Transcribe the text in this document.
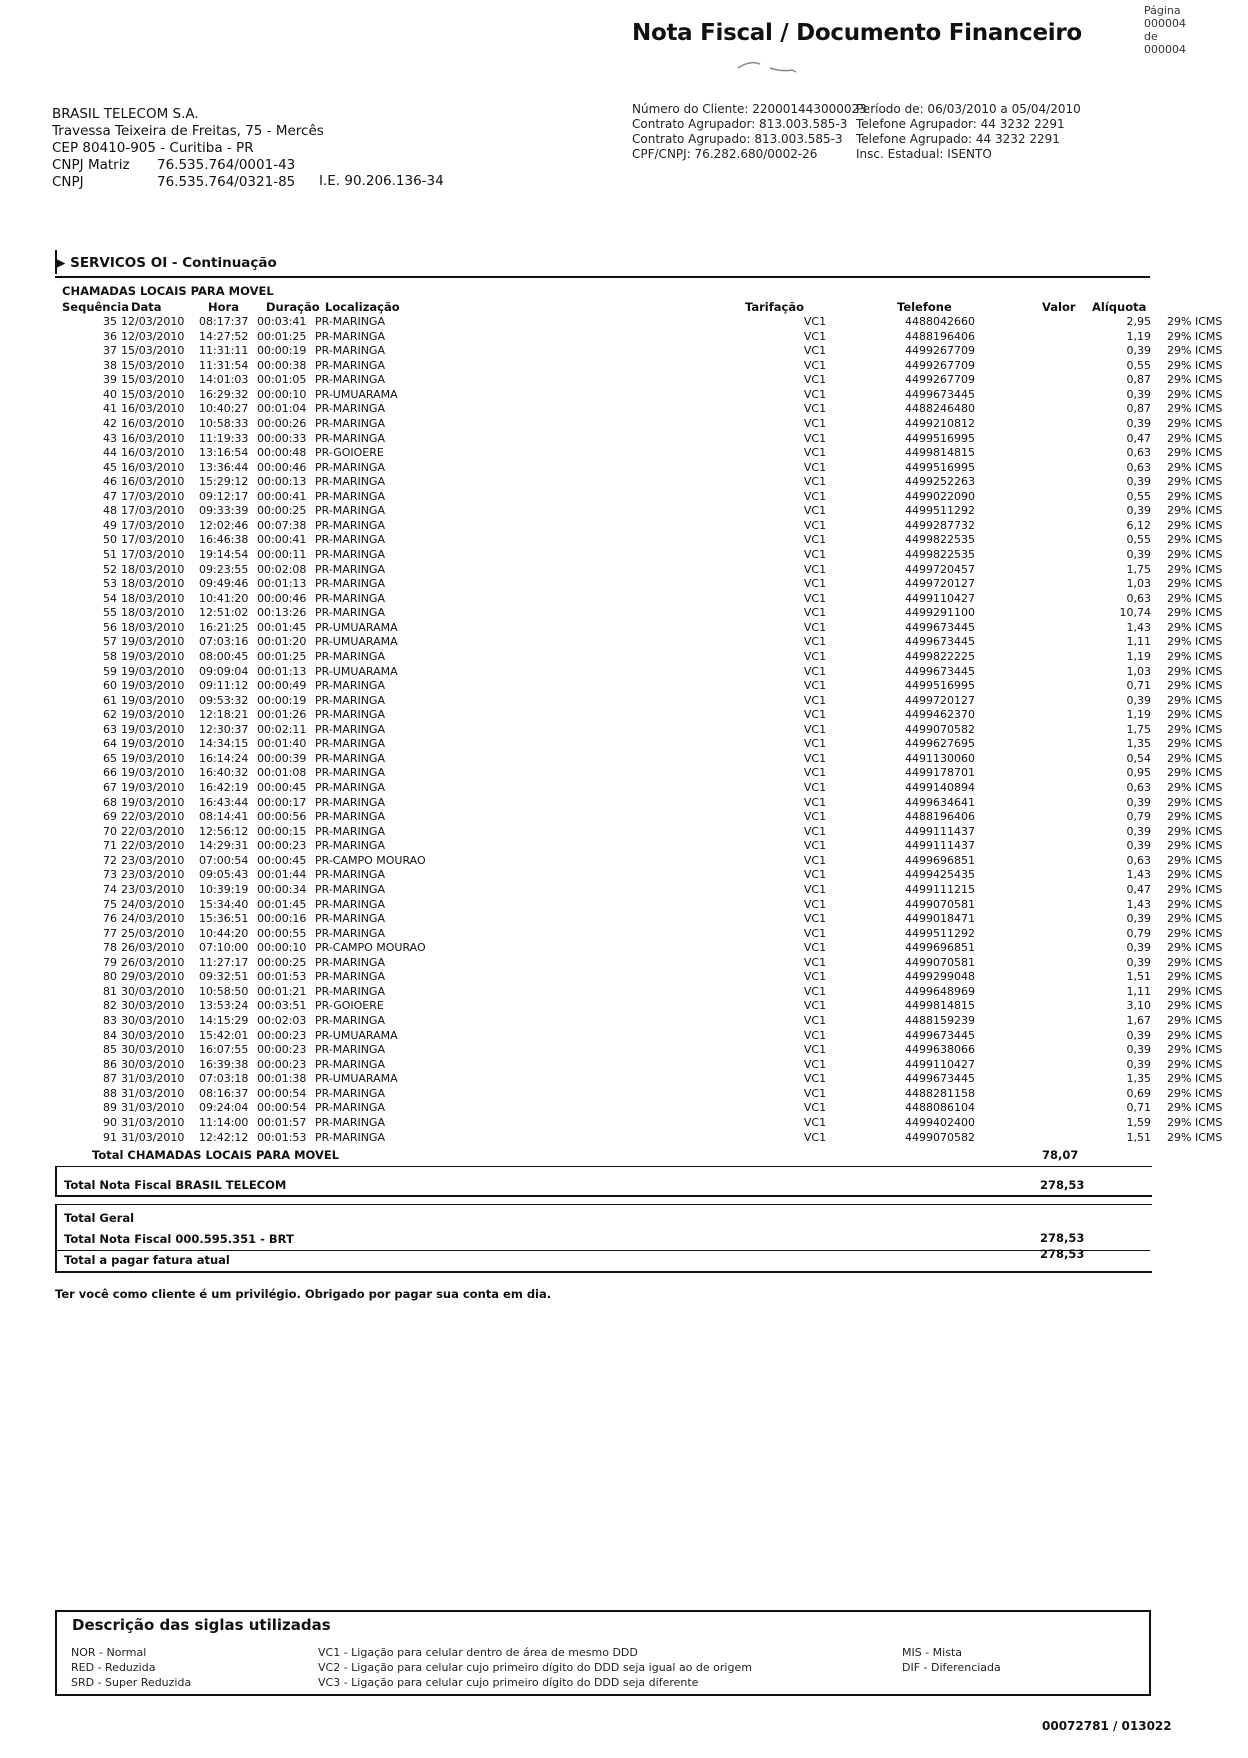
Página
000004 de
000004
Nota Fiscal / Documento Financeiro
BRASIL TELECOM S.A.
Travessa Teixeira de Freitas, 75 - Mercês
CEP 80410-905 - Curitiba - PR
CNPJ Matriz 76.535.764/0001-43
CNPJ	76.535.764/0321-85	I.E. 90.206.136-34
Número do Cliente: 220001443000023
Contrato Agrupador: 813.003.585-3
Contrato Agrupado: 813.003.585-3
CPF/CNPJ: 76.282.680/0002-26
Período de: 06/03/2010 a 05/04/2010
Telefone Agrupador: 44 3232 2291
Telefone Agrupado: 44 3232 2291
Insc. Estadual: ISENTO
▶ SERVICOS OI - Continuação
CHAMADAS LOCAIS PARA MOVEL
Sequência Data	Hora Duração Localização	Tarifação	Telefone	Valor Alíquota
35	12/03/2010	08:17:37	00:03:41	PR-MARINGA	VC1	4488042660	2,95	29% ICMS
36	12/03/2010	14:27:52	00:01:25	PR-MARINGA	VC1	4488196406	1,19	29% ICMS
37	15/03/2010	11:31:11	00:00:19	PR-MARINGA	VC1	4499267709	0,39	29% ICMS
38	15/03/2010	11:31:54	00:00:38	PR-MARINGA	VC1	4499267709	0,55	29% ICMS
39	15/03/2010	14:01:03	00:01:05	PR-MARINGA	VC1	4499267709	0,87	29% ICMS
40	15/03/2010	16:29:32	00:00:10	PR-UMUARAMA	VC1	4499673445	0,39	29% ICMS
41	16/03/2010	10:40:27	00:01:04	PR-MARINGA	VC1	4488246480	0,87	29% ICMS
42	16/03/2010	10:58:33	00:00:26	PR-MARINGA	VC1	4499210812	0,39	29% ICMS
43	16/03/2010	11:19:33	00:00:33	PR-MARINGA	VC1	4499516995	0,47	29% ICMS
44	16/03/2010	13:16:54	00:00:48	PR-GOIOERE	VC1	4499814815	0,63	29% ICMS
45	16/03/2010	13:36:44	00:00:46	PR-MARINGA	VC1	4499516995	0,63	29% ICMS
46	16/03/2010	15:29:12	00:00:13	PR-MARINGA	VC1	4499252263	0,39	29% ICMS
47	17/03/2010	09:12:17	00:00:41	PR-MARINGA	VC1	4499022090	0,55	29% ICMS
48	17/03/2010	09:33:39	00:00:25	PR-MARINGA	VC1	4499511292	0,39	29% ICMS
49	17/03/2010	12:02:46	00:07:38	PR-MARINGA	VC1	4499287732	6,12	29% ICMS
50	17/03/2010	16:46:38	00:00:41	PR-MARINGA	VC1	4499822535	0,55	29% ICMS
51	17/03/2010	19:14:54	00:00:11	PR-MARINGA	VC1	4499822535	0,39	29% ICMS
52	18/03/2010	09:23:55	00:02:08	PR-MARINGA	VC1	4499720457	1,75	29% ICMS
53	18/03/2010	09:49:46	00:01:13	PR-MARINGA	VC1	4499720127	1,03	29% ICMS
54	18/03/2010	10:41:20	00:00:46	PR-MARINGA	VC1	4499110427	0,63	29% ICMS
55	18/03/2010	12:51:02	00:13:26	PR-MARINGA	VC1	4499291100	10,74	29% ICMS
56	18/03/2010	16:21:25	00:01:45	PR-UMUARAMA	VC1	4499673445	1,43	29% ICMS
57	19/03/2010	07:03:16	00:01:20	PR-UMUARAMA	VC1	4499673445	1,11	29% ICMS
58	19/03/2010	08:00:45	00:01:25	PR-MARINGA	VC1	4499822225	1,19	29% ICMS
59	19/03/2010	09:09:04	00:01:13	PR-UMUARAMA	VC1	4499673445	1,03	29% ICMS
60	19/03/2010	09:11:12	00:00:49	PR-MARINGA	VC1	4499516995	0,71	29% ICMS
61	19/03/2010	09:53:32	00:00:19	PR-MARINGA	VC1	4499720127	0,39	29% ICMS
62	19/03/2010	12:18:21	00:01:26	PR-MARINGA	VC1	4499462370	1,19	29% ICMS
63	19/03/2010	12:30:37	00:02:11	PR-MARINGA	VC1	4499070582	1,75	29% ICMS
64	19/03/2010	14:34:15	00:01:40	PR-MARINGA	VC1	4499627695	1,35	29% ICMS
65	19/03/2010	16:14:24	00:00:39	PR-MARINGA	VC1	4491130060	0,54	29% ICMS
66	19/03/2010	16:40:32	00:01:08	PR-MARINGA	VC1	4499178701	0,95	29% ICMS
67	19/03/2010	16:42:19	00:00:45	PR-MARINGA	VC1	4499140894	0,63	29% ICMS
68	19/03/2010	16:43:44	00:00:17	PR-MARINGA	VC1	4499634641	0,39	29% ICMS
69	22/03/2010	08:14:41	00:00:56	PR-MARINGA	VC1	4488196406	0,79	29% ICMS
70	22/03/2010	12:56:12	00:00:15	PR-MARINGA	VC1	4499111437	0,39	29% ICMS
71	22/03/2010	14:29:31	00:00:23	PR-MARINGA	VC1	4499111437	0,39	29% ICMS
72	23/03/2010	07:00:54	00:00:45	PR-CAMPO MOURAO	VC1	4499696851	0,63	29% ICMS
73	23/03/2010	09:05:43	00:01:44	PR-MARINGA	VC1	4499425435	1,43	29% ICMS
74	23/03/2010	10:39:19	00:00:34	PR-MARINGA	VC1	4499111215	0,47	29% ICMS
75	24/03/2010	15:34:40	00:01:45	PR-MARINGA	VC1	4499070581	1,43	29% ICMS
76	24/03/2010	15:36:51	00:00:16	PR-MARINGA	VC1	4499018471	0,39	29% ICMS
77	25/03/2010	10:44:20	00:00:55	PR-MARINGA	VC1	4499511292	0,79	29% ICMS
78	26/03/2010	07:10:00	00:00:10	PR-CAMPO MOURAO	VC1	4499696851	0,39	29% ICMS
79	26/03/2010	11:27:17	00:00:25	PR-MARINGA	VC1	4499070581	0,39	29% ICMS
80	29/03/2010	09:32:51	00:01:53	PR-MARINGA	VC1	4499299048	1,51	29% ICMS
81	30/03/2010	10:58:50	00:01:21	PR-MARINGA	VC1	4499648969	1,11	29% ICMS
82	30/03/2010	13:53:24	00:03:51	PR-GOIOERE	VC1	4499814815	3,10	29% ICMS
83	30/03/2010	14:15:29	00:02:03	PR-MARINGA	VC1	4488159239	1,67	29% ICMS
84	30/03/2010	15:42:01	00:00:23	PR-UMUARAMA	VC1	4499673445	0,39	29% ICMS
85	30/03/2010	16:07:55	00:00:23	PR-MARINGA	VC1	4499638066	0,39	29% ICMS
86	30/03/2010	16:39:38	00:00:23	PR-MARINGA	VC1	4499110427	0,39	29% ICMS
87	31/03/2010	07:03:18	00:01:38	PR-UMUARAMA	VC1	4499673445	1,35	29% ICMS
88	31/03/2010	08:16:37	00:00:54	PR-MARINGA	VC1	4488281158	0,69	29% ICMS
89	31/03/2010	09:24:04	00:00:54	PR-MARINGA	VC1	4488086104	0,71	29% ICMS
90	31/03/2010	11:14:00	00:01:57	PR-MARINGA	VC1	4499402400	1,59	29% ICMS
91	31/03/2010	12:42:12	00:01:53	PR-MARINGA	VC1	4499070582	1,51	29% ICMS
Total CHAMADAS LOCAIS PARA MOVEL	78,07
Total Nota Fiscal BRASIL TELECOM	278,53
Total Geral
Total Nota Fiscal 000.595.351 - BRT	278,53
Total a pagar fatura atual	278,53
Ter você como cliente é um privilégio. Obrigado por pagar sua conta em dia.
Descrição das siglas utilizadas
NOR - Normal
RED - Reduzida
SRD - Super Reduzida
VC1 - Ligação para celular dentro de área de mesmo DDD
VC2 - Ligação para celular cujo primeiro dígito do DDD seja igual ao de origem
VC3 - Ligação para celular cujo primeiro dígito do DDD seja diferente
MIS - Mista
DIF - Diferenciada
00072781 / 013022
